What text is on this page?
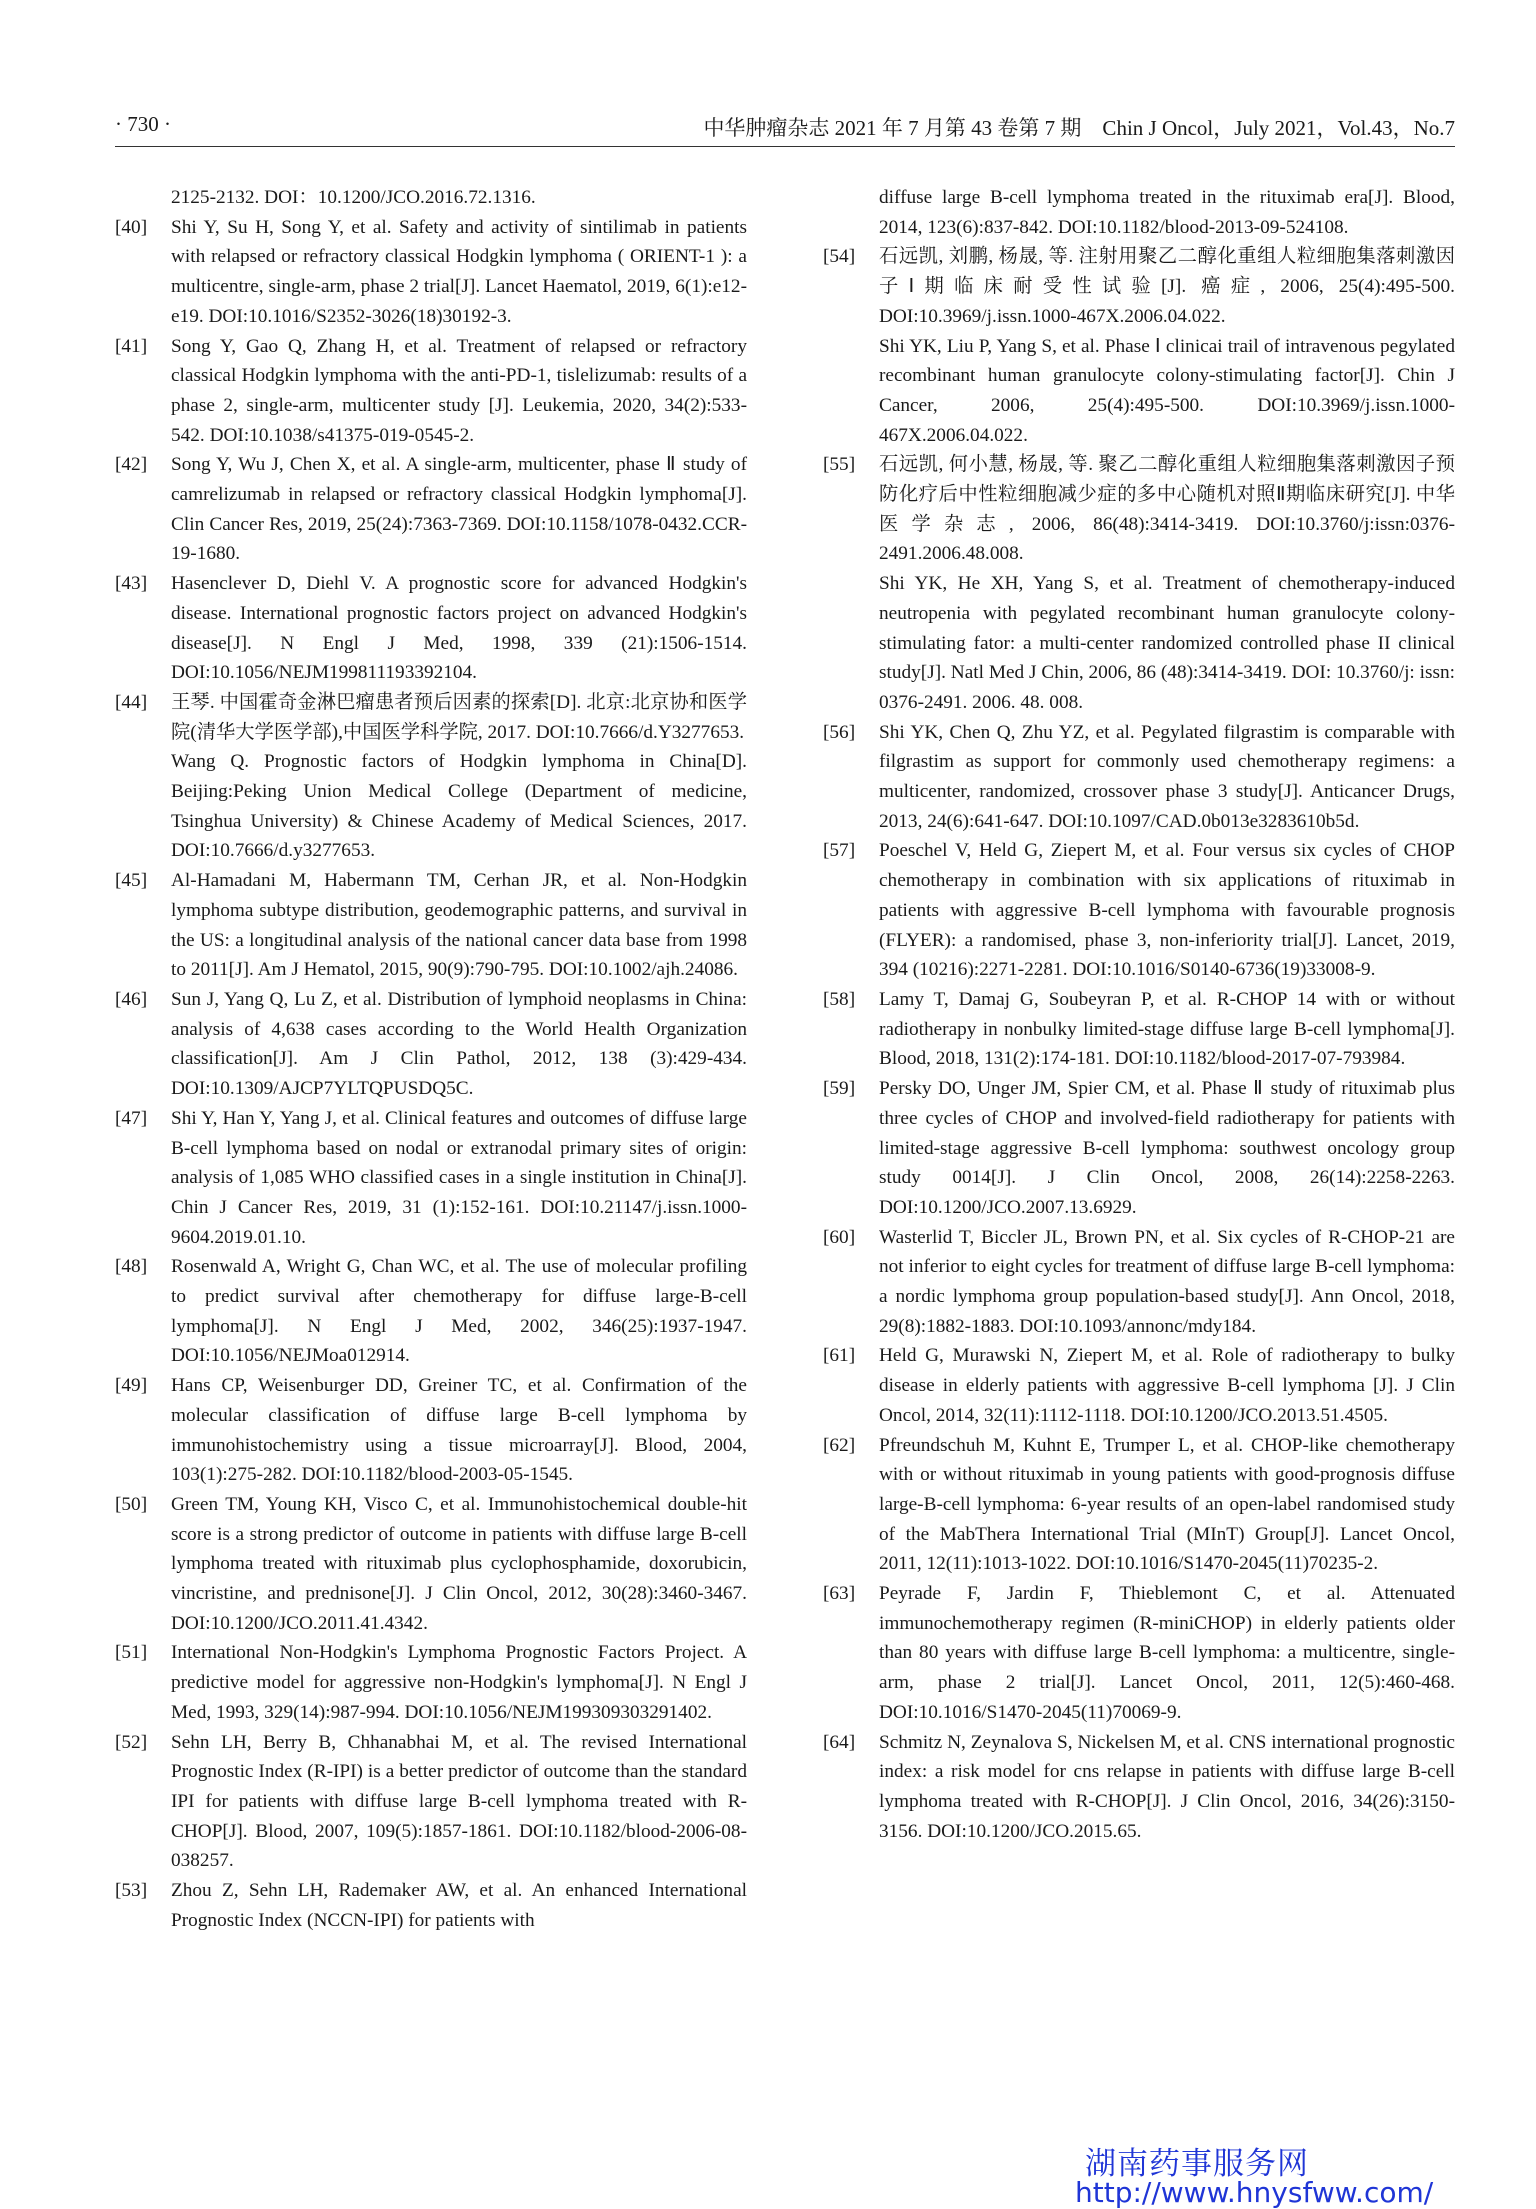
· 730 ·	中华肿瘤杂志 2021 年 7 月第 43 卷第 7 期　Chin J Oncol，July 2021，Vol.43，No.7
2125-2132. DOI：10.1200/JCO.2016.72.1316.
[40] Shi Y, Su H, Song Y, et al. Safety and activity of sintilimab in patients with relapsed or refractory classical Hodgkin lymphoma ( ORIENT-1 ): a multicentre, single-arm, phase 2 trial[J]. Lancet Haematol, 2019, 6(1):e12-e19. DOI:10.1016/S2352-3026(18)30192-3.
[41] Song Y, Gao Q, Zhang H, et al. Treatment of relapsed or refractory classical Hodgkin lymphoma with the anti-PD-1, tislelizumab: results of a phase 2, single-arm, multicenter study [J]. Leukemia, 2020, 34(2):533-542. DOI:10.1038/s41375-019-0545-2.
[42] Song Y, Wu J, Chen X, et al. A single-arm, multicenter, phase Ⅱ study of camrelizumab in relapsed or refractory classical Hodgkin lymphoma[J]. Clin Cancer Res, 2019, 25(24):7363-7369. DOI:10.1158/1078-0432.CCR-19-1680.
[43] Hasenclever D, Diehl V. A prognostic score for advanced Hodgkin's disease. International prognostic factors project on advanced Hodgkin's disease[J]. N Engl J Med, 1998, 339 (21):1506-1514. DOI:10.1056/NEJM199811193392104.
[44] 王琴. 中国霍奇金淋巴瘤患者预后因素的探索[D]. 北京:北京协和医学院(清华大学医学部),中国医学科学院, 2017. DOI:10.7666/d.Y3277653.
Wang Q. Prognostic factors of Hodgkin lymphoma in China[D]. Beijing:Peking Union Medical College (Department of medicine, Tsinghua University) & Chinese Academy of Medical Sciences, 2017. DOI:10.7666/d.y3277653.
[45] Al-Hamadani M, Habermann TM, Cerhan JR, et al. Non-Hodgkin lymphoma subtype distribution, geodemographic patterns, and survival in the US: a longitudinal analysis of the national cancer data base from 1998 to 2011[J]. Am J Hematol, 2015, 90(9):790-795. DOI:10.1002/ajh.24086.
[46] Sun J, Yang Q, Lu Z, et al. Distribution of lymphoid neoplasms in China: analysis of 4,638 cases according to the World Health Organization classification[J]. Am J Clin Pathol, 2012, 138 (3):429-434. DOI:10.1309/AJCP7YLTQPUSDQ5C.
[47] Shi Y, Han Y, Yang J, et al. Clinical features and outcomes of diffuse large B-cell lymphoma based on nodal or extranodal primary sites of origin: analysis of 1,085 WHO classified cases in a single institution in China[J]. Chin J Cancer Res, 2019, 31 (1):152-161. DOI:10.21147/j.issn.1000-9604.2019.01.10.
[48] Rosenwald A, Wright G, Chan WC, et al. The use of molecular profiling to predict survival after chemotherapy for diffuse large-B-cell lymphoma[J]. N Engl J Med, 2002, 346(25):1937-1947. DOI:10.1056/NEJMoa012914.
[49] Hans CP, Weisenburger DD, Greiner TC, et al. Confirmation of the molecular classification of diffuse large B-cell lymphoma by immunohistochemistry using a tissue microarray[J]. Blood, 2004, 103(1):275-282. DOI:10.1182/blood-2003-05-1545.
[50] Green TM, Young KH, Visco C, et al. Immunohistochemical double-hit score is a strong predictor of outcome in patients with diffuse large B-cell lymphoma treated with rituximab plus cyclophosphamide, doxorubicin, vincristine, and prednisone[J]. J Clin Oncol, 2012, 30(28):3460-3467. DOI:10.1200/JCO.2011.41.4342.
[51] International Non-Hodgkin's Lymphoma Prognostic Factors Project. A predictive model for aggressive non-Hodgkin's lymphoma[J]. N Engl J Med, 1993, 329(14):987-994. DOI:10.1056/NEJM199309303291402.
[52] Sehn LH, Berry B, Chhanabhai M, et al. The revised International Prognostic Index (R-IPI) is a better predictor of outcome than the standard IPI for patients with diffuse large B-cell lymphoma treated with R-CHOP[J]. Blood, 2007, 109(5):1857-1861. DOI:10.1182/blood-2006-08-038257.
[53] Zhou Z, Sehn LH, Rademaker AW, et al. An enhanced International Prognostic Index (NCCN-IPI) for patients with
diffuse large B-cell lymphoma treated in the rituximab era[J]. Blood, 2014, 123(6):837-842. DOI:10.1182/blood-2013-09-524108.
[54] 石远凯, 刘鹏, 杨晟, 等. 注射用聚乙二醇化重组人粒细胞集落刺激因子Ⅰ期临床耐受性试验[J]. 癌症, 2006, 25(4):495-500. DOI:10.3969/j.issn.1000-467X.2006.04.022.
Shi YK, Liu P, Yang S, et al. Phase Ⅰ clinicai trail of intravenous pegylated recombinant human granulocyte colony-stimulating factor[J]. Chin J Cancer, 2006, 25(4):495-500. DOI:10.3969/j.issn.1000-467X.2006.04.022.
[55] 石远凯, 何小慧, 杨晟, 等. 聚乙二醇化重组人粒细胞集落刺激因子预防化疗后中性粒细胞减少症的多中心随机对照Ⅱ期临床研究[J]. 中华医学杂志, 2006, 86(48):3414-3419. DOI:10.3760/j:issn:0376-2491.2006.48.008.
Shi YK, He XH, Yang S, et al. Treatment of chemotherapy-induced neutropenia with pegylated recombinant human granulocyte colony-stimulating fator: a multi-center randomized controlled phase II clinical study[J]. Natl Med J Chin, 2006, 86 (48):3414-3419. DOI: 10.3760/j: issn: 0376-2491. 2006. 48. 008.
[56] Shi YK, Chen Q, Zhu YZ, et al. Pegylated filgrastim is comparable with filgrastim as support for commonly used chemotherapy regimens: a multicenter, randomized, crossover phase 3 study[J]. Anticancer Drugs, 2013, 24(6):641-647. DOI:10.1097/CAD.0b013e3283610b5d.
[57] Poeschel V, Held G, Ziepert M, et al. Four versus six cycles of CHOP chemotherapy in combination with six applications of rituximab in patients with aggressive B-cell lymphoma with favourable prognosis (FLYER): a randomised, phase 3, non-inferiority trial[J]. Lancet, 2019, 394 (10216):2271-2281. DOI:10.1016/S0140-6736(19)33008-9.
[58] Lamy T, Damaj G, Soubeyran P, et al. R-CHOP 14 with or without radiotherapy in nonbulky limited-stage diffuse large B-cell lymphoma[J]. Blood, 2018, 131(2):174-181. DOI:10.1182/blood-2017-07-793984.
[59] Persky DO, Unger JM, Spier CM, et al. Phase Ⅱ study of rituximab plus three cycles of CHOP and involved-field radiotherapy for patients with limited-stage aggressive B-cell lymphoma: southwest oncology group study 0014[J]. J Clin Oncol, 2008, 26(14):2258-2263. DOI:10.1200/JCO.2007.13.6929.
[60] Wasterlid T, Biccler JL, Brown PN, et al. Six cycles of R-CHOP-21 are not inferior to eight cycles for treatment of diffuse large B-cell lymphoma: a nordic lymphoma group population-based study[J]. Ann Oncol, 2018, 29(8):1882-1883. DOI:10.1093/annonc/mdy184.
[61] Held G, Murawski N, Ziepert M, et al. Role of radiotherapy to bulky disease in elderly patients with aggressive B-cell lymphoma [J]. J Clin Oncol, 2014, 32(11):1112-1118. DOI:10.1200/JCO.2013.51.4505.
[62] Pfreundschuh M, Kuhnt E, Trumper L, et al. CHOP-like chemotherapy with or without rituximab in young patients with good-prognosis diffuse large-B-cell lymphoma: 6-year results of an open-label randomised study of the MabThera International Trial (MInT) Group[J]. Lancet Oncol, 2011, 12(11):1013-1022. DOI:10.1016/S1470-2045(11)70235-2.
[63] Peyrade F, Jardin F, Thieblemont C, et al. Attenuated immunochemotherapy regimen (R-miniCHOP) in elderly patients older than 80 years with diffuse large B-cell lymphoma: a multicentre, single-arm, phase 2 trial[J]. Lancet Oncol, 2011, 12(5):460-468. DOI:10.1016/S1470-2045(11)70069-9.
[64] Schmitz N, Zeynalova S, Nickelsen M, et al. CNS international prognostic index: a risk model for cns relapse in patients with diffuse large B-cell lymphoma treated with R-CHOP[J]. J Clin Oncol, 2016, 34(26):3150-3156. DOI:10.1200/JCO.2015.65.
湖南药事服务网
http://www.hnysfww.com/
